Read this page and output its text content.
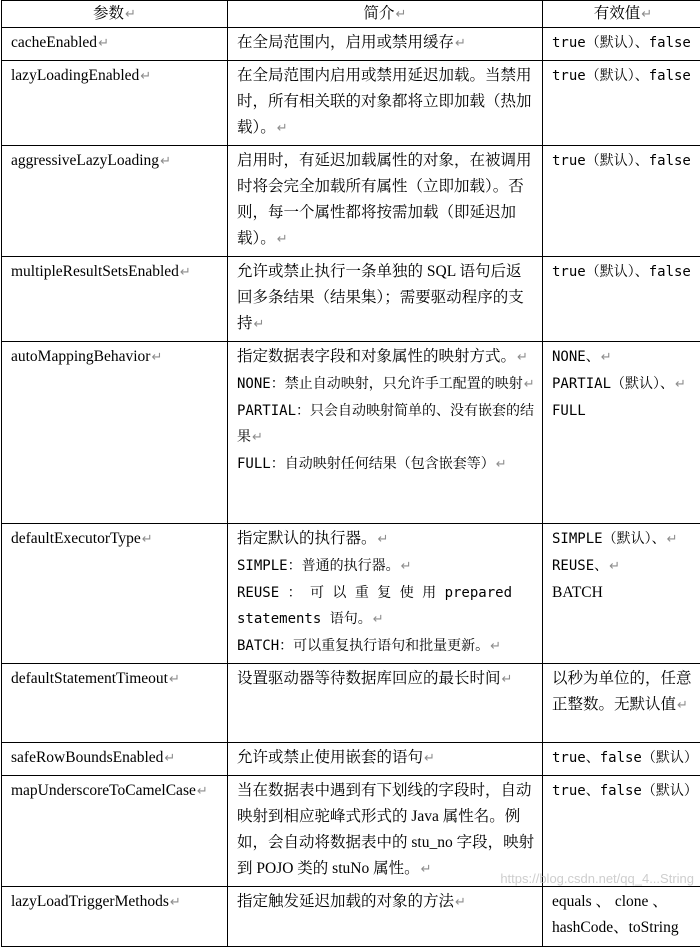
参数↵	简介↵	有效值↵
cacheEnabled↵	在全局范围内，启用或禁用缓存↵	true（默认）、false

lazyLoadingEnabled↵	在全局范围内启用或禁用延迟加载。当禁用时，所有相关联的对象都将立即加载（热加载）。↵	true（默认）、false

aggressiveLazyLoading↵	启用时，有延迟加载属性的对象，在被调用时将会完全加载所有属性（立即加载）。否则，每一个属性都将按需加载（即延迟加载）。↵	true（默认）、false

multipleResultSetsEnabled↵	允许或禁止执行一条单独的 SQL 语句后返回多条结果（结果集）；需要驱动程序的支持↵	true（默认）、false

autoMappingBehavior↵	指定数据表字段和对象属性的映射方式。↵
NONE：禁止自动映射，只允许手工配置的映射↵
PARTIAL：只会自动映射简单的、没有嵌套的结果↵
FULL：自动映射任何结果（包含嵌套等）↵	NONE、↵
PARTIAL（默认）、↵
FULL

defaultExecutorType↵	指定默认的执行器。↵
SIMPLE：普通的执行器。↵
REUSE ： 可 以 重 复 使 用 prepared statements 语句。↵
BATCH：可以重复执行语句和批量更新。↵	SIMPLE（默认）、↵
REUSE、↵
BATCH

defaultStatementTimeout↵	设置驱动器等待数据库回应的最长时间↵	以秒为单位的，任意正整数。无默认值↵
safeRowBoundsEnabled↵	允许或禁止使用嵌套的语句↵	true、false（默认）

mapUnderscoreToCamelCase↵	当在数据表中遇到有下划线的字段时，自动映射到相应驼峰式形式的 Java 属性名。例如，会自动将数据表中的 stu_no 字段，映射到 POJO 类的 stuNo 属性。↵	true、false（默认）

lazyLoadTriggerMethods↵	指定触发延迟加载的对象的方法↵	equals 、 clone 、
hashCode、toString
https://blog.csdn.net/qq_4...String
